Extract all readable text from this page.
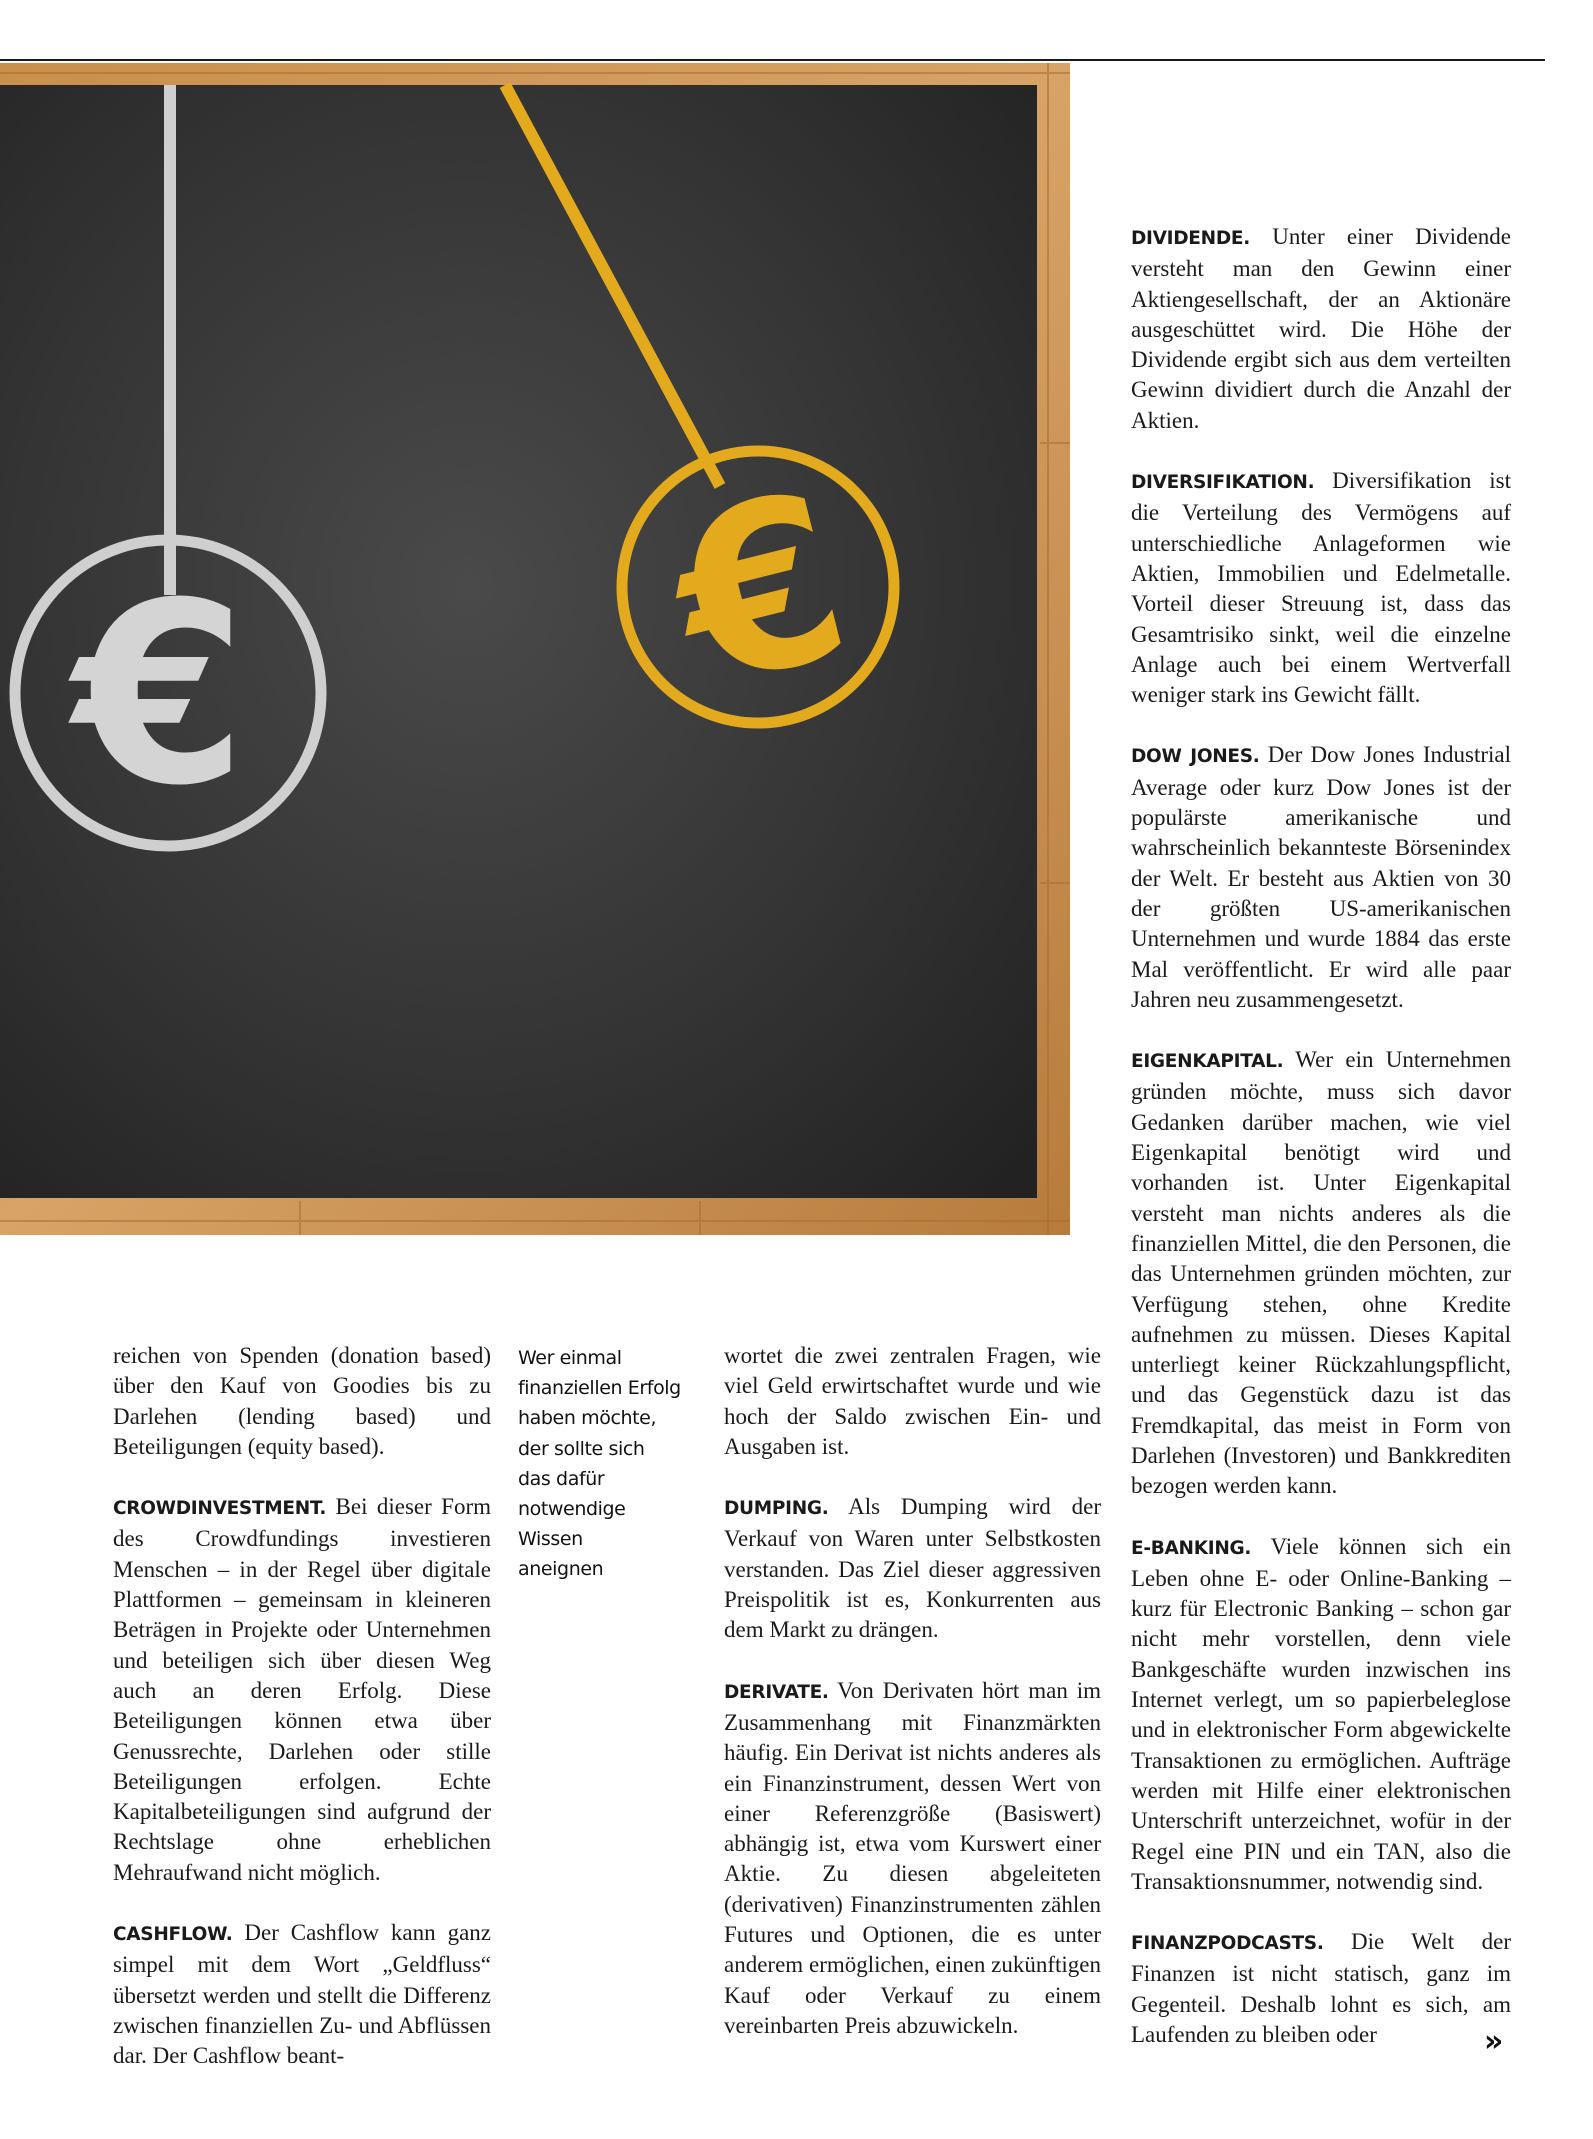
€ €

DIVIDENDE. Unter einer Dividende versteht man den Gewinn einer Aktiengesellschaft, der an Aktionäre ausgeschüttet wird. Die Höhe der Dividende ergibt sich aus dem verteilten Gewinn dividiert durch die Anzahl der Aktien.

DIVERSIFIKATION. Diversifikation ist die Verteilung des Vermögens auf unterschiedliche Anlageformen wie Aktien, Immobilien und Edelmetalle. Vorteil dieser Streuung ist, dass das Gesamtrisiko sinkt, weil die einzelne Anlage auch bei einem Wertverfall weniger stark ins Gewicht fällt.

DOW JONES. Der Dow Jones Industrial Average oder kurz Dow Jones ist der populärste amerikanische und wahrscheinlich bekannteste Börsenindex der Welt. Er besteht aus Aktien von 30 der größten US-amerikanischen Unternehmen und wurde 1884 das erste Mal veröffentlicht. Er wird alle paar Jahren neu zusammengesetzt.

EIGENKAPITAL. Wer ein Unternehmen gründen möchte, muss sich davor Gedanken darüber machen, wie viel Eigenkapital benötigt wird und vorhanden ist. Unter Eigenkapital versteht man nichts anderes als die finanziellen Mittel, die den Personen, die das Unternehmen gründen möchten, zur Verfügung stehen, ohne Kredite aufnehmen zu müssen. Dieses Kapital unterliegt keiner Rückzahlungspflicht, und das Gegenstück dazu ist das Fremdkapital, das meist in Form von Darlehen (Investoren) und Bankkrediten bezogen werden kann.

E-BANKING. Viele können sich ein Leben ohne E- oder Online-Banking – kurz für Electronic Banking – schon gar nicht mehr vorstellen, denn viele Bankgeschäfte wurden inzwischen ins Internet verlegt, um so papierbeleglose und in elektronischer Form abgewickelte Transaktionen zu ermöglichen. Aufträge werden mit Hilfe einer elektronischen Unterschrift unterzeichnet, wofür in der Regel eine PIN und ein TAN, also die Transaktionsnummer, notwendig sind.

FINANZPODCASTS. Die Welt der Finanzen ist nicht statisch, ganz im Gegenteil. Deshalb lohnt es sich, am Laufenden zu bleiben oder

reichen von Spenden (donation based) über den Kauf von Goodies bis zu Darlehen (lending based) und Beteiligungen (equity based).

CROWDINVESTMENT. Bei dieser Form des Crowdfundings investieren Menschen – in der Regel über digitale Plattformen – gemeinsam in kleineren Beträgen in Projekte oder Unternehmen und beteiligen sich über diesen Weg auch an deren Erfolg. Diese Beteiligungen können etwa über Genussrechte, Darlehen oder stille Beteiligungen erfolgen. Echte Kapitalbeteiligungen sind aufgrund der Rechtslage ohne erheblichen Mehraufwand nicht möglich.

CASHFLOW. Der Cashflow kann ganz simpel mit dem Wort „Geldfluss“ übersetzt werden und stellt die Differenz zwischen finanziellen Zu- und Abflüssen dar. Der Cashflow beant-

Wer einmal
finanziellen Erfolg
haben möchte,
der sollte sich
das dafür
notwendige
Wissen
aneignen

wortet die zwei zentralen Fragen, wie viel Geld erwirtschaftet wurde und wie hoch der Saldo zwischen Ein- und Ausgaben ist.

DUMPING. Als Dumping wird der Verkauf von Waren unter Selbstkosten verstanden. Das Ziel dieser aggressiven Preispolitik ist es, Konkurrenten aus dem Markt zu drängen.

DERIVATE. Von Derivaten hört man im Zusammenhang mit Finanzmärkten häufig. Ein Derivat ist nichts anderes als ein Finanzinstrument, dessen Wert von einer Referenzgröße (Basiswert) abhängig ist, etwa vom Kurswert einer Aktie. Zu diesen abgeleiteten (derivativen) Finanzinstrumenten zählen Futures und Optionen, die es unter anderem ermöglichen, einen zukünftigen Kauf oder Verkauf zu einem vereinbarten Preis abzuwickeln.	»
